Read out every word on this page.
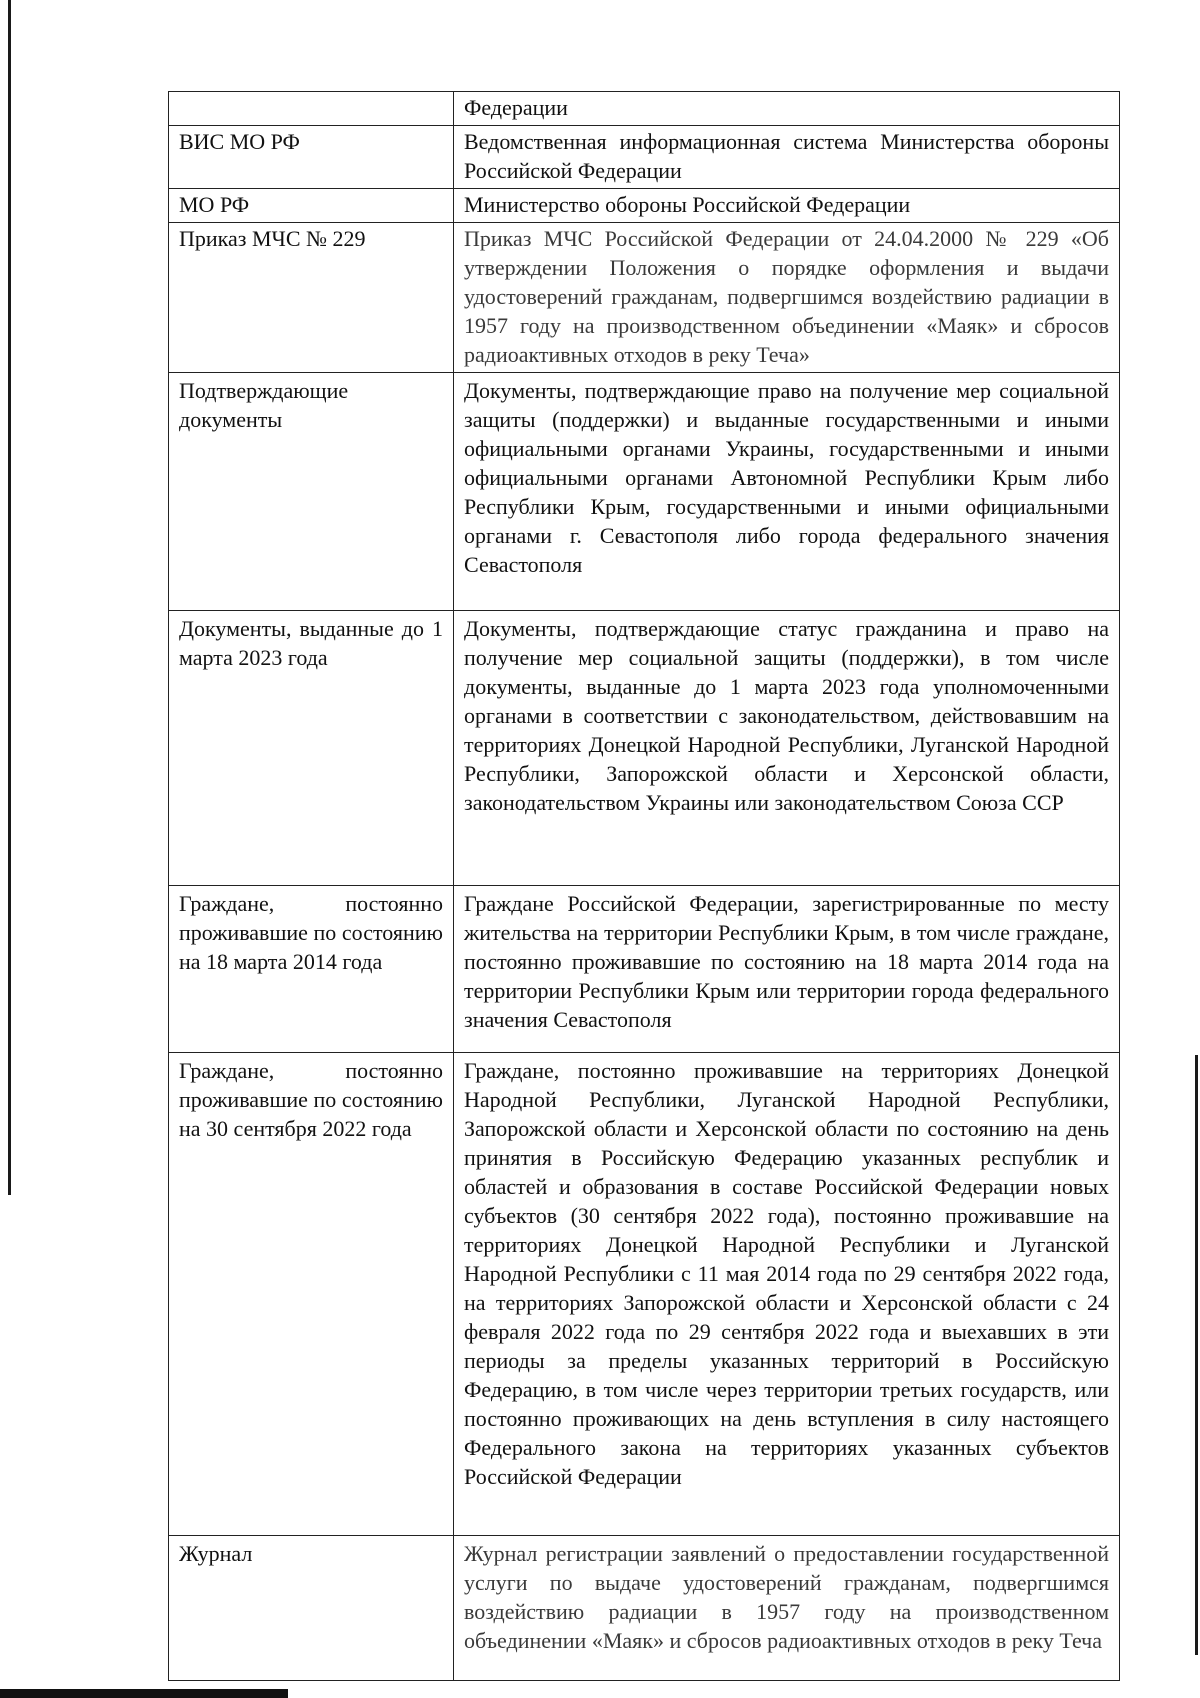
	Федерации
ВИС МО РФ	Ведомственная информационная система Министерства обороны Российской Федерации
МО РФ	Министерство обороны Российской Федерации
Приказ МЧС № 229	Приказ МЧС Российской Федерации от 24.04.2000 № 229 «Об утверждении Положения о порядке оформления и выдачи удостоверений гражданам, подвергшимся воздействию радиации в 1957 году на производственном объединении «Маяк» и сбросов радиоактивных отходов в реку Теча»
Подтверждающие документы	Документы, подтверждающие право на получение мер социальной защиты (поддержки) и выданные государственными и иными официальными органами Украины, государственными и иными официальными органами Автономной Республики Крым либо Республики Крым, государственными и иными официальными органами г. Севастополя либо города федерального значения Севастополя
Документы, выданные до 1 марта 2023 года	Документы, подтверждающие статус гражданина и право на получение мер социальной защиты (поддержки), в том числе документы, выданные до 1 марта 2023 года уполномоченными органами в соответствии с законодательством, действовавшим на территориях Донецкой Народной Республики, Луганской Народной Республики, Запорожской области и Херсонской области, законодательством Украины или законодательством Союза ССР
Граждане, постоянно проживавшие по состоянию на 18 марта 2014 года	Граждане Российской Федерации, зарегистрированные по месту жительства на территории Республики Крым, в том числе граждане, постоянно проживавшие по состоянию на 18 марта 2014 года на территории Республики Крым или территории города федерального значения Севастополя
Граждане, постоянно проживавшие по состоянию на 30 сентября 2022 года	Граждане, постоянно проживавшие на территориях Донецкой Народной Республики, Луганской Народной Республики, Запорожской области и Херсонской области по состоянию на день принятия в Российскую Федерацию указанных республик и областей и образования в составе Российской Федерации новых субъектов (30 сентября 2022 года), постоянно проживавшие на территориях Донецкой Народной Республики и Луганской Народной Республики с 11 мая 2014 года по 29 сентября 2022 года, на территориях Запорожской области и Херсонской области с 24 февраля 2022 года по 29 сентября 2022 года и выехавших в эти периоды за пределы указанных территорий в Российскую Федерацию, в том числе через территории третьих государств, или постоянно проживающих на день вступления в силу настоящего Федерального закона на территориях указанных субъектов Российской Федерации
Журнал	Журнал регистрации заявлений о предоставлении государственной услуги по выдаче удостоверений гражданам, подвергшимся воздействию радиации в 1957 году на производственном объединении «Маяк» и сбросов радиоактивных отходов в реку Теча
